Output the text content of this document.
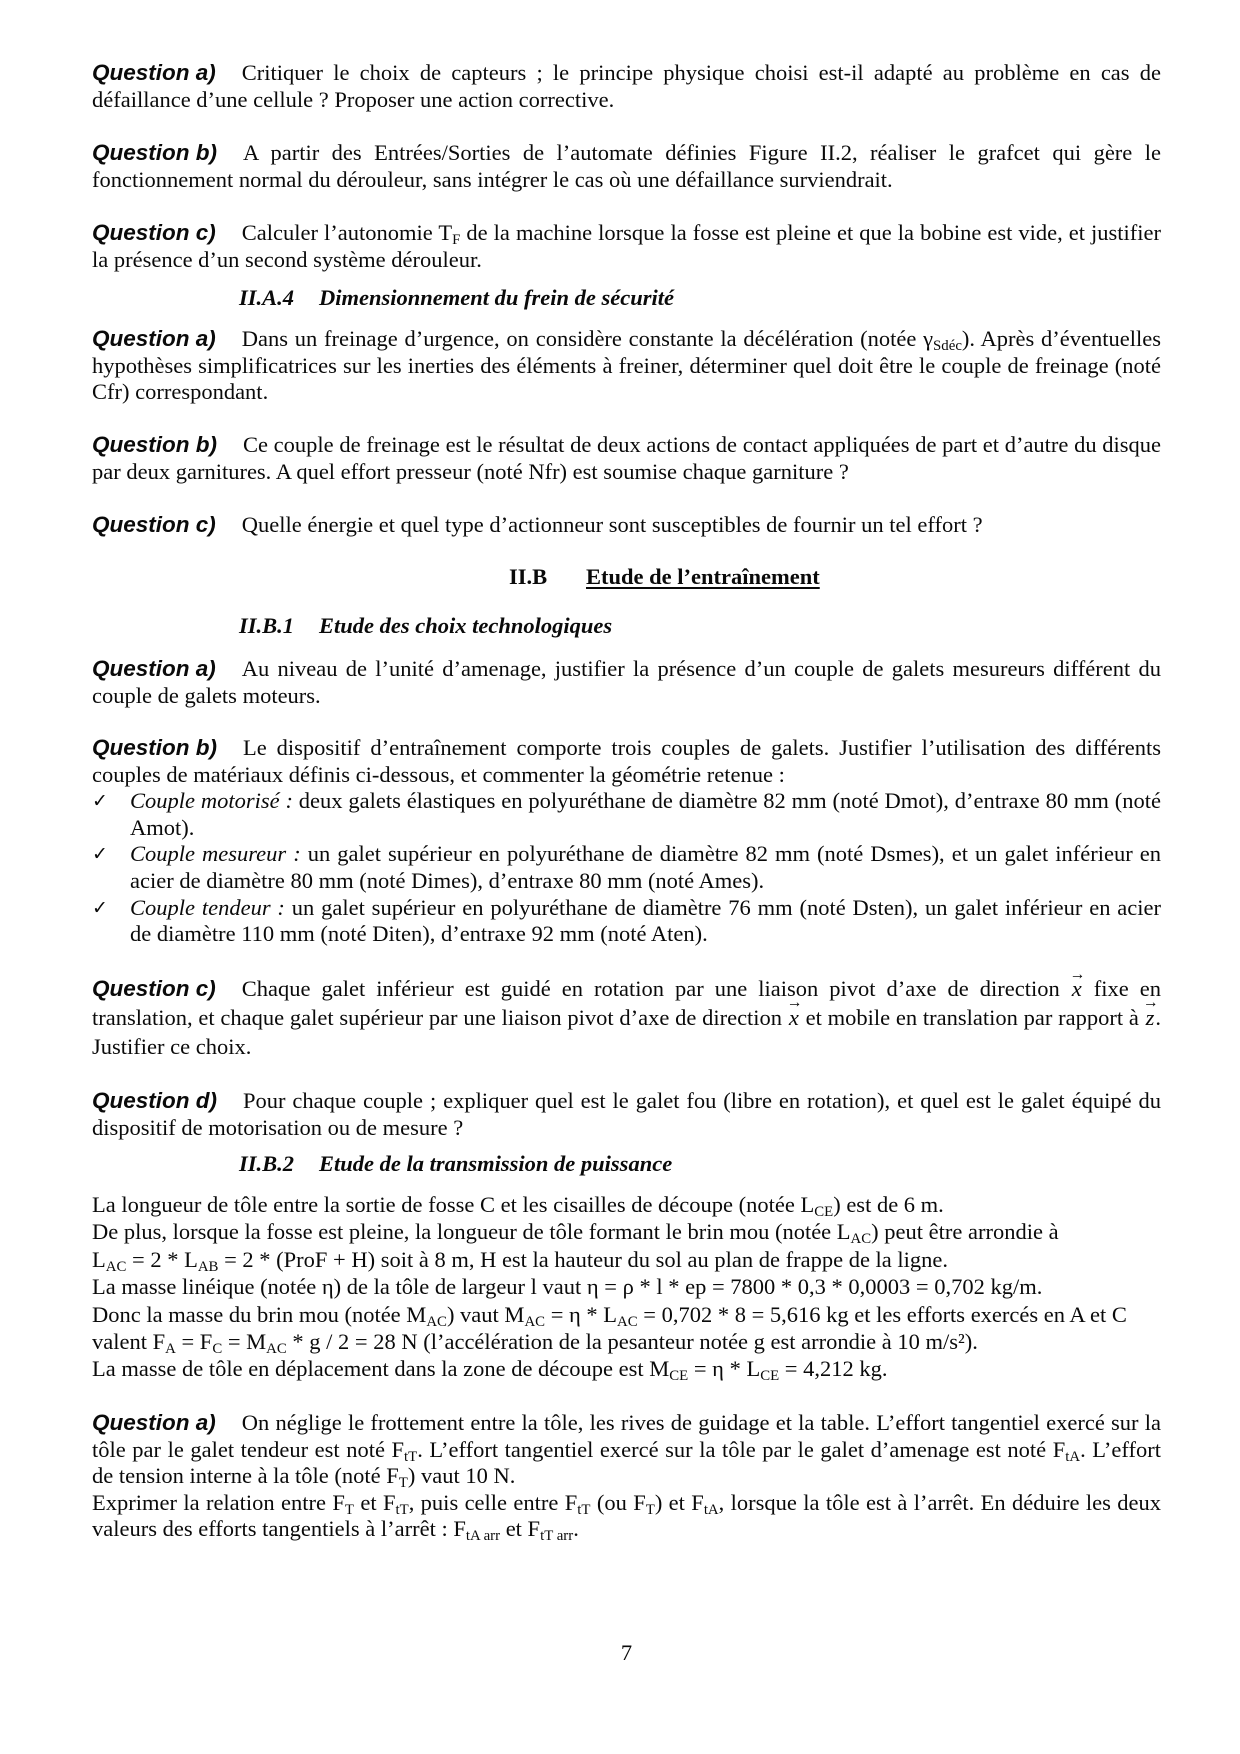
Question a) Critiquer le choix de capteurs ; le principe physique choisi est-il adapté au problème en cas de défaillance d’une cellule ? Proposer une action corrective.

Question b) A partir des Entrées/Sorties de l’automate définies Figure II.2, réaliser le grafcet qui gère le fonctionnement normal du dérouleur, sans intégrer le cas où une défaillance surviendrait.

Question c) Calculer l’autonomie $T_F$ de la machine lorsque la fosse est pleine et que la bobine est vide, et justifier la présence d’un second système dérouleur.

II.A.4 Dimensionnement du frein de sécurité

Question a) Dans un freinage d’urgence, on considère constante la décélération (notée $\gamma_{Sdéc}$). Après d’éventuelles hypothèses simplificatrices sur les inerties des éléments à freiner, déterminer quel doit être le couple de freinage (noté Cfr) correspondant.

Question b) Ce couple de freinage est le résultat de deux actions de contact appliquées de part et d’autre du disque par deux garnitures. A quel effort presseur (noté Nfr) est soumise chaque garniture ?

Question c) Quelle énergie et quel type d’actionneur sont susceptibles de fournir un tel effort ?

II.B Etude de l’entraînement
II.B.1 Etude des choix technologiques

Question a) Au niveau de l’unité d’amenage, justifier la présence d’un couple de galets mesureurs différent du couple de galets moteurs.

Question b) Le dispositif d’entraînement comporte trois couples de galets. Justifier l’utilisation des différents couples de matériaux définis ci-dessous, et commenter la géométrie retenue :

✓
Couple motorisé : deux galets élastiques en polyuréthane de diamètre 82 mm (noté Dmot), d’entraxe 80 mm (noté Amot).
✓
Couple mesureur : un galet supérieur en polyuréthane de diamètre 82 mm (noté Dsmes), et un galet inférieur en acier de diamètre 80 mm (noté Dimes), d’entraxe 80 mm (noté Ames).
✓
Couple tendeur : un galet supérieur en polyuréthane de diamètre 76 mm (noté Dsten), un galet inférieur en acier de diamètre 110 mm (noté Diten), d’entraxe 92 mm (noté Aten).

Question c) Chaque galet inférieur est guidé en rotation par une liaison pivot d’axe de direction → x fixe en translation, et chaque galet supérieur par une liaison pivot d’axe de direction → x et mobile en translation par rapport à → z. Justifier ce choix.

Question d) Pour chaque couple ; expliquer quel est le galet fou (libre en rotation), et quel est le galet équipé du dispositif de motorisation ou de mesure ?

II.B.2 Etude de la transmission de puissance
La longueur de tôle entre la sortie de fosse C et les cisailles de découpe (notée $L_{CE}$) est de 6 m.
De plus, lorsque la fosse est pleine, la longueur de tôle formant le brin mou (notée $L_{AC}$) peut être arrondie à
$L_{AC} = 2 * L_{AB} = 2$ * (ProF + H) soit à 8 m, H est la hauteur du sol au plan de frappe de la ligne.
La masse linéique (notée η) de la tôle de largeur l vaut η = ρ * l * ep = 7800 * 0,3 * 0,0003 = 0,702 kg/m.
Donc la masse du brin mou (notée $M_{AC}$) vaut $M_{AC} = \eta * L_{AC} = 0,702 * 8 = 5,616$ kg et les efforts exercés en A et C
valent $F_A = F_C = M_{AC} * g / 2 = 28$ N (l’accélération de la pesanteur notée g est arrondie à 10 m/s²).
La masse de tôle en déplacement dans la zone de découpe est $M_{CE} = \eta * L_{CE} = 4,212$ kg.

Question a) On néglige le frottement entre la tôle, les rives de guidage et la table. L’effort tangentiel exercé sur la tôle par le galet tendeur est noté $F_{tT}$. L’effort tangentiel exercé sur la tôle par le galet d’amenage est noté $F_{tA}$. L’effort de tension interne à la tôle (noté $F_T$) vaut 10 N.

Exprimer la relation entre $F_T$ et $F_{tT}$, puis celle entre $F_{tT}$ (ou $F_T$) et $F_{tA}$, lorsque la tôle est à l’arrêt. En déduire les deux valeurs des efforts tangentiels à l’arrêt : $F_{tA arr}$ et $F_{tT arr}$.

7
